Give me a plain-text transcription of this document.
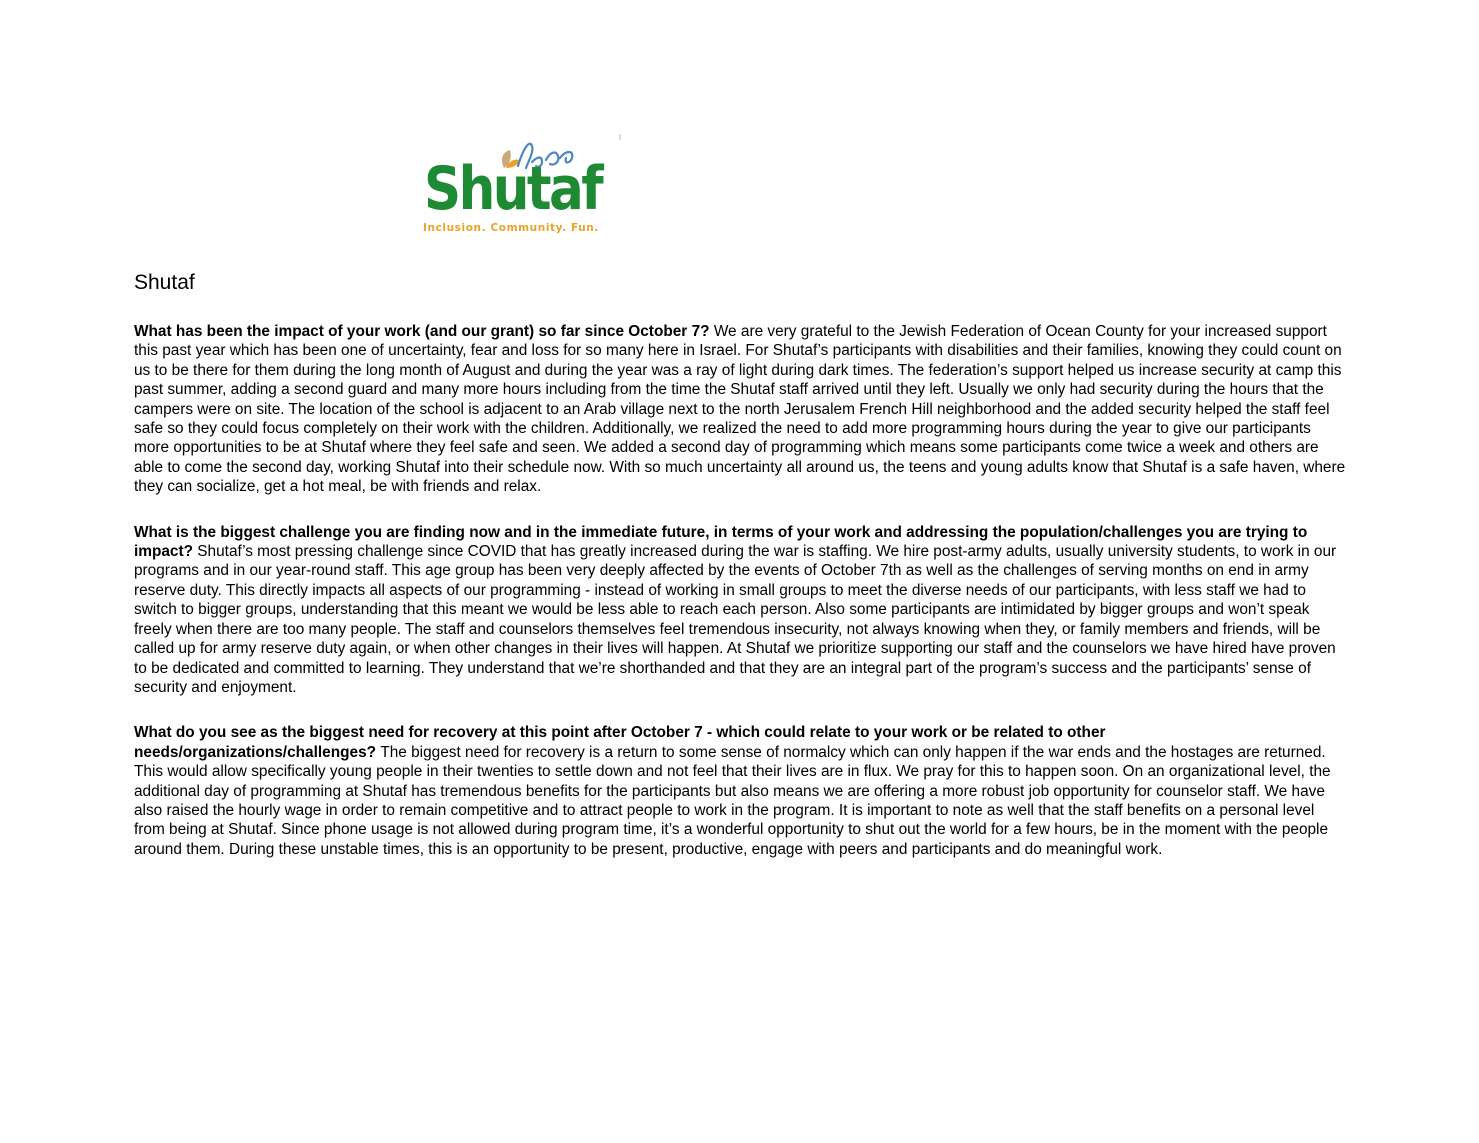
Shutaf
Inclusion. Community. Fun.
Shutaf

What has been the impact of your work (and our grant) so far since October 7? We are very grateful to the Jewish Federation of Ocean County for your increased support this past year which has been one of uncertainty, fear and loss for so many here in Israel. For Shutaf’s participants with disabilities and their families, knowing they could count on us to be there for them during the long month of August and during the year was a ray of light during dark times. The federation’s support helped us increase security at camp this past summer, adding a second guard and many more hours including from the time the Shutaf staff arrived until they left. Usually we only had security during the hours that the campers were on site. The location of the school is adjacent to an Arab village next to the north Jerusalem French Hill neighborhood and the added security helped the staff feel safe so they could focus completely on their work with the children. Additionally, we realized the need to add more programming hours during the year to give our participants more opportunities to be at Shutaf where they feel safe and seen. We added a second day of programming which means some participants come twice a week and others are able to come the second day, working Shutaf into their schedule now. With so much uncertainty all around us, the teens and young adults know that Shutaf is a safe haven, where they can socialize, get a hot meal, be with friends and relax.

What is the biggest challenge you are finding now and in the immediate future, in terms of your work and addressing the population/challenges you are trying to impact? Shutaf’s most pressing challenge since COVID that has greatly increased during the war is staffing. We hire post-army adults, usually university students, to work in our programs and in our year-round staff. This age group has been very deeply affected by the events of October 7th as well as the challenges of serving months on end in army reserve duty. This directly impacts all aspects of our programming - instead of working in small groups to meet the diverse needs of our participants, with less staff we had to switch to bigger groups, understanding that this meant we would be less able to reach each person. Also some participants are intimidated by bigger groups and won’t speak freely when there are too many people. The staff and counselors themselves feel tremendous insecurity, not always knowing when they, or family members and friends, will be called up for army reserve duty again, or when other changes in their lives will happen. At Shutaf we prioritize supporting our staff and the counselors we have hired have proven to be dedicated and committed to learning. They understand that we’re shorthanded and that they are an integral part of the program’s success and the participants’ sense of security and enjoyment.

What do you see as the biggest need for recovery at this point after October 7 - which could relate to your work or be related to other needs/organizations/challenges? The biggest need for recovery is a return to some sense of normalcy which can only happen if the war ends and the hostages are returned. This would allow specifically young people in their twenties to settle down and not feel that their lives are in flux. We pray for this to happen soon. On an organizational level, the additional day of programming at Shutaf has tremendous benefits for the participants but also means we are offering a more robust job opportunity for counselor staff. We have also raised the hourly wage in order to remain competitive and to attract people to work in the program. It is important to note as well that the staff benefits on a personal level from being at Shutaf. Since phone usage is not allowed during program time, it’s a wonderful opportunity to shut out the world for a few hours, be in the moment with the people around them. During these unstable times, this is an opportunity to be present, productive, engage with peers and participants and do meaningful work.
